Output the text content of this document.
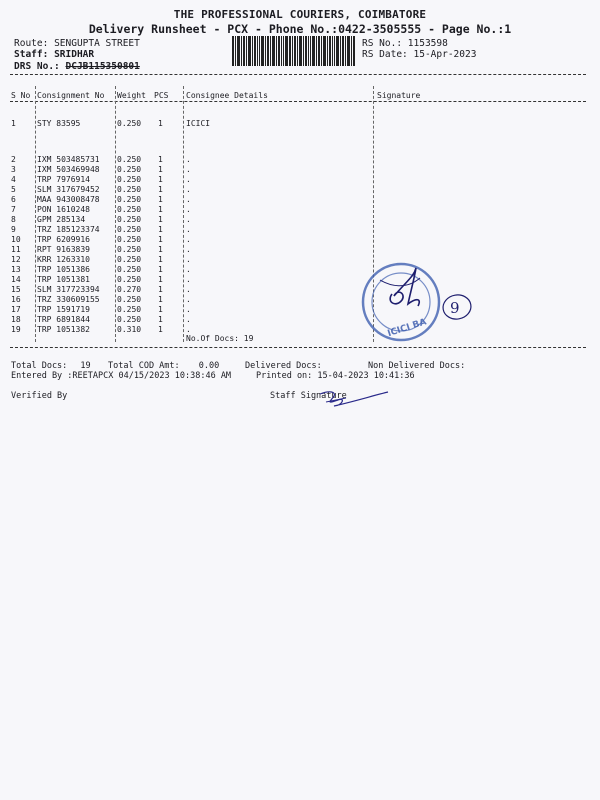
THE PROFESSIONAL COURIERS, COIMBATORE
Delivery Runsheet - PCX - Phone No.:0422-3505555 - Page No.:1
Route: SENGUPTA STREET
Staff: SRIDHAR
DRS No.: DCJB115350801
RS No.: 1153598
RS Date: 15-Apr-2023
S No Consignment No Weight PCS Consignee Details	Signature
1	STY 83595	0.250 1	ICICI
2	IXM 503485731 0.250 1	.
3	IXM 503469948 0.250 1	.
4	TRP 7976914	0.250 1	.
5	SLM 317679452 0.250 1	.
6	MAA 943008478 0.250 1	.
7	PON 1610248	0.250 1	.
8	GPM 285134	0.250 1	.
9	TRZ 185123374 0.250 1	.
10 TRP 6209916	0.250 1	.
11 RPT 9163839	0.250 1	.
12 KRR 1263310	0.250 1	.
13 TRP 1051386	0.250 1	.
14 TRP 1051381	0.250 1	.
15 SLM 317723394 0.270 1	.
16 TRZ 330609155 0.250 1	.
17 TRP 1591719	0.250 1	.
18 TRP 6891844	0.250 1	.
19 TRP 1051382	0.310 1	.
No.Of Docs: 19
Total Docs: 19 Total COD Amt: 0.00	Delivered Docs:	Non Delivered Docs:
Entered By :REETAPCX 04/15/2023 10:38:46 AM	Printed on: 15-04-2023 10:41:36
Verified By	Staff Signature
ICICI BA
9
